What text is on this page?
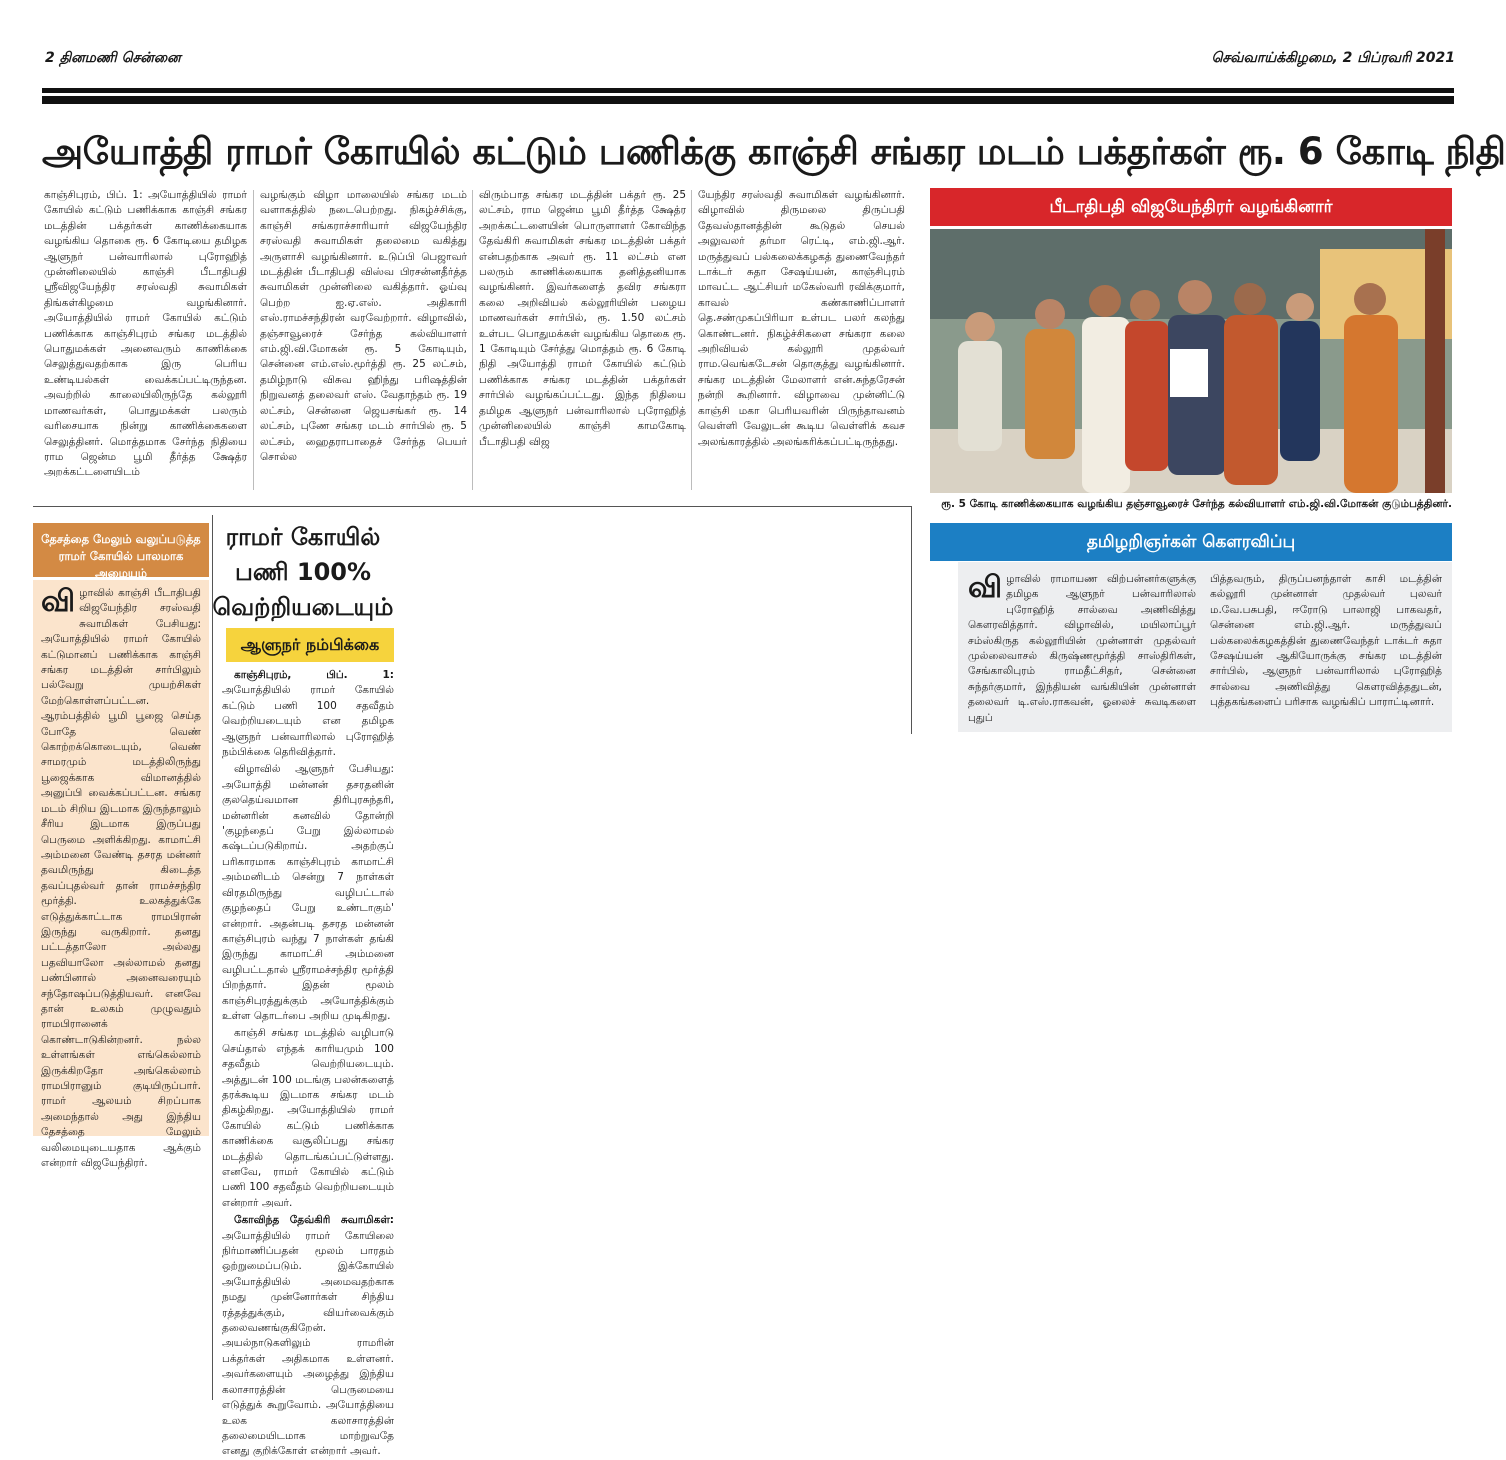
2 தினமணி சென்னை	செவ்வாய்க்கிழமை, 2 பிப்ரவரி 2021
அயோத்தி ராமர் கோயில் கட்டும் பணிக்கு காஞ்சி சங்கர மடம் பக்தர்கள் ரூ. 6 கோடி நிதி
காஞ்சிபுரம், பிப். 1: அயோத்தியில் ராமர் கோயில் கட்டும் பணிக்காக காஞ்சி சங்கர மடத்தின் பக்தர்கள் காணிக்கையாக வழங்கிய தொகை ரூ. 6 கோடியை தமிழக ஆளுநர் பன்வாரிலால் புரோஹித் முன்னிலையில் காஞ்சி பீடாதிபதி ஸ்ரீவிஜயேந்திர சரஸ்வதி சுவாமிகள் திங்கள்கிழமை வழங்கினார். அயோத்தியில் ராமர் கோயில் கட்டும் பணிக்காக காஞ்சிபுரம் சங்கர மடத்தில் பொதுமக்கள் அனைவரும் காணிக்கை செலுத்துவதற்காக இரு பெரிய உண்டியல்கள் வைக்கப்பட்டிருந்தன. அவற்றில் காலையிலிருந்தே கல்லூரி மாணவர்கள், பொதுமக்கள் பலரும் வரிசையாக நின்று காணிக்கைகளை செலுத்தினர். மொத்தமாக சேர்ந்த நிதியை ராம ஜென்ம பூமி தீர்த்த க்ஷேத்ர அறக்கட்டளையிடம்
வழங்கும் விழா மாலையில் சங்கர மடம் வளாகத்தில் நடைபெற்றது. நிகழ்ச்சிக்கு, காஞ்சி சங்கராச்சாரியார் விஜயேந்திர சரஸ்வதி சுவாமிகள் தலைமை வகித்து அருளாசி வழங்கினார். உடுப்பி பெஜாவர் மடத்தின் பீடாதிபதி விஸ்வ பிரசன்னதீர்த்த சுவாமிகள் முன்னிலை வகித்தார். ஓய்வு பெற்ற ஐ.ஏ.எஸ். அதிகாரி எஸ்.ராமச்சந்திரன் வரவேற்றார். விழாவில், தஞ்சாவூரைச் சேர்ந்த கல்வியாளர் எம்.ஜி.வி.மோகன் ரூ. 5 கோடியும், சென்னை எம்.எஸ்.மூர்த்தி ரூ. 25 லட்சம், தமிழ்நாடு விசுவ ஹிந்து பரிஷத்தின் நிறுவனத் தலைவர் எஸ். வேதாந்தம் ரூ. 19 லட்சம், சென்னை ஜெயசங்கர் ரூ. 14 லட்சம், புணே சங்கர மடம் சார்பில் ரூ. 5 லட்சம், ஹைதராபாதைச் சேர்ந்த பெயர் சொல்ல
விரும்பாத சங்கர மடத்தின் பக்தர் ரூ. 25 லட்சம், ராம ஜென்ம பூமி தீர்த்த க்ஷேத்ர அறக்கட்டளையின் பொருளாளர் கோவிந்த தேவ்கிரி சுவாமிகள் சங்கர மடத்தின் பக்தர் என்பதற்காக அவர் ரூ. 11 லட்சம் என பலரும் காணிக்கையாக தனித்தனியாக வழங்கினர். இவர்களைத் தவிர சங்கரா கலை அறிவியல் கல்லூரியின் பழைய மாணவர்கள் சார்பில், ரூ. 1.50 லட்சம் உள்பட பொதுமக்கள் வழங்கிய தொகை ரூ. 1 கோடியும் சேர்த்து மொத்தம் ரூ. 6 கோடி நிதி அயோத்தி ராமர் கோயில் கட்டும் பணிக்காக சங்கர மடத்தின் பக்தர்கள் சார்பில் வழங்கப்பட்டது. இந்த நிதியை தமிழக ஆளுநர் பன்வாரிலால் புரோஹித் முன்னிலையில் காஞ்சி காமகோடி பீடாதிபதி விஜ
யேந்திர சரஸ்வதி சுவாமிகள் வழங்கினார். விழாவில் திருமலை திருப்பதி தேவஸ்தானத்தின் கூடுதல் செயல் அலுவலர் தர்மா ரெட்டி, எம்.ஜி.ஆர். மருத்துவப் பல்கலைக்கழகத் துணைவேந்தர் டாக்டர் சுதா சேஷய்யன், காஞ்சிபுரம் மாவட்ட ஆட்சியர் மகேஸ்வரி ரவிக்குமார், காவல் கண்காணிப்பாளர் தெ.சண்முகப்பிரியா உள்பட பலர் கலந்து கொண்டனர். நிகழ்ச்சிகளை சங்கரா கலை அறிவியல் கல்லூரி முதல்வர் ராம.வெங்கடேசன் தொகுத்து வழங்கினார். சங்கர மடத்தின் மேலாளர் என்.சுந்தரேசன் நன்றி கூறினார். விழாவை முன்னிட்டு காஞ்சி மகா பெரியவரின் பிருந்தாவனம் வெள்ளி வேலுடன் கூடிய வெள்ளிக் கவச அலங்காரத்தில் அலங்கரிக்கப்பட்டிருந்தது.
பீடாதிபதி விஜயேந்திரர் வழங்கினார்
ரூ. 5 கோடி காணிக்கையாக வழங்கிய தஞ்சாவூரைச் சேர்ந்த கல்வியாளர் எம்.ஜி.வி.மோகன் குடும்பத்தினர்.
தமிழறிஞர்கள் கௌரவிப்பு
விழாவில் ராமாயண விற்பன்னர்களுக்கு தமிழக ஆளுநர் பன்வாரிலால் புரோஹித் சால்வை அணிவித்து கௌரவித்தார். விழாவில், மயிலாப்பூர் சம்ஸ்கிருத கல்லூரியின் முன்னாள் முதல்வர் முல்லைவாசல் கிருஷ்ணமூர்த்தி சாஸ்திரிகள், சேங்காலிபுரம் ராமதீட்சிதர், சென்னை சுந்தர்குமார், இந்தியன் வங்கியின் முன்னாள் தலைவர் டி.எஸ்.ராகவன், ஓலைச் சுவடிகளை புதுப்
பித்தவரும், திருப்பனந்தாள் காசி மடத்தின் கல்லூரி முன்னாள் முதல்வர் புலவர் ம.வே.பசுபதி, ஈரோடு பாலாஜி பாகவதர், சென்னை எம்.ஜி.ஆர். மருத்துவப் பல்கலைக்கழகத்தின் துணைவேந்தர் டாக்டர் சுதா சேஷய்யன் ஆகியோருக்கு சங்கர மடத்தின் சார்பில், ஆளுநர் பன்வாரிலால் புரோஹித் சால்வை அணிவித்து கௌரவித்ததுடன், புத்தகங்களைப் பரிசாக வழங்கிப் பாராட்டினார்.
தேசத்தை மேலும் வலுப்படுத்த ராமர் கோயில் பாலமாக அமையும்
விழாவில் காஞ்சி பீடாதிபதி விஜயேந்திர சரஸ்வதி சுவாமிகள் பேசியது: அயோத்தியில் ராமர் கோயில் கட்டுமானப் பணிக்காக காஞ்சி சங்கர மடத்தின் சார்பிலும் பல்வேறு முயற்சிகள் மேற்கொள்ளப்பட்டன. ஆரம்பத்தில் பூமி பூஜை செய்த போதே வெண் கொற்றக்கொடையும், வெண் சாமரமும் மடத்திலிருந்து பூஜைக்காக விமானத்தில் அனுப்பி வைக்கப்பட்டன. சங்கர மடம் சிறிய இடமாக இருந்தாலும் சீரிய இடமாக இருப்பது பெருமை அளிக்கிறது. காமாட்சி அம்மனை வேண்டி தசரத மன்னர் தவமிருந்து கிடைத்த தவப்புதல்வர் தான் ராமச்சந்திர மூர்த்தி. உலகத்துக்கே எடுத்துக்காட்டாக ராமபிரான் இருந்து வருகிறார். தனது பட்டத்தாலோ அல்லது பதவியாலோ அல்லாமல் தனது பண்பினால் அனைவரையும் சந்தோஷப்படுத்தியவர். எனவே தான் உலகம் முழுவதும் ராமபிரானைக் கொண்டாடுகின்றனர். நல்ல உள்ளங்கள் எங்கெல்லாம் இருக்கிறதோ அங்கெல்லாம் ராமபிரானும் குடியிருப்பார். ராமர் ஆலயம் சிறப்பாக அமைந்தால் அது இந்திய தேசத்தை மேலும் வலிமையுடையதாக ஆக்கும் என்றார் விஜயேந்திரர்.
ராமர் கோயில் பணி 100% வெற்றியடையும்
ஆளுநர் நம்பிக்கை

காஞ்சிபுரம், பிப். 1: அயோத்தியில் ராமர் கோயில் கட்டும் பணி 100 சதவீதம் வெற்றியடையும் என தமிழக ஆளுநர் பன்வாரிலால் புரோஹித் நம்பிக்கை தெரிவித்தார்.

விழாவில் ஆளுநர் பேசியது: அயோத்தி மன்னன் தசரதனின் குலதெய்வமான திரிபுரசுந்தரி, மன்னரின் கனவில் தோன்றி 'குழந்தைப் பேறு இல்லாமல் கஷ்டப்படுகிறாய். அதற்குப் பரிகாரமாக காஞ்சிபுரம் காமாட்சி அம்மனிடம் சென்று 7 நாள்கள் விரதமிருந்து வழிபட்டால் குழந்தைப் பேறு உண்டாகும்' என்றார். அதன்படி தசரத மன்னன் காஞ்சிபுரம் வந்து 7 நாள்கள் தங்கி இருந்து காமாட்சி அம்மனை வழிபட்டதால் ஸ்ரீராமச்சந்திர மூர்த்தி பிறந்தார். இதன் மூலம் காஞ்சிபுரத்துக்கும் அயோத்திக்கும் உள்ள தொடர்பை அறிய முடிகிறது.

காஞ்சி சங்கர மடத்தில் வழிபாடு செய்தால் எந்தக் காரியமும் 100 சதவீதம் வெற்றியடையும். அத்துடன் 100 மடங்கு பலன்களைத் தரக்கூடிய இடமாக சங்கர மடம் திகழ்கிறது. அயோத்தியில் ராமர் கோயில் கட்டும் பணிக்காக காணிக்கை வசூலிப்பது சங்கர மடத்தில் தொடங்கப்பட்டுள்ளது. எனவே, ராமர் கோயில் கட்டும் பணி 100 சதவீதம் வெற்றியடையும் என்றார் அவர்.

கோவிந்த தேவ்கிரி சுவாமிகள்: அயோத்தியில் ராமர் கோயிலை நிர்மாணிப்பதன் மூலம் பாரதம் ஒற்றுமைப்படும். இக்கோயில் அயோத்தியில் அமைவதற்காக நமது முன்னோர்கள் சிந்திய ரத்தத்துக்கும், வியர்வைக்கும் தலைவணங்குகிறேன். அயல்நாடுகளிலும் ராமரின் பக்தர்கள் அதிகமாக உள்ளனர். அவர்களையும் அழைத்து இந்திய கலாசாரத்தின் பெருமையை எடுத்துக் கூறுவோம். அயோத்தியை உலக கலாசாரத்தின் தலைமையிடமாக மாற்றுவதே எனது குறிக்கோள் என்றார் அவர்.
